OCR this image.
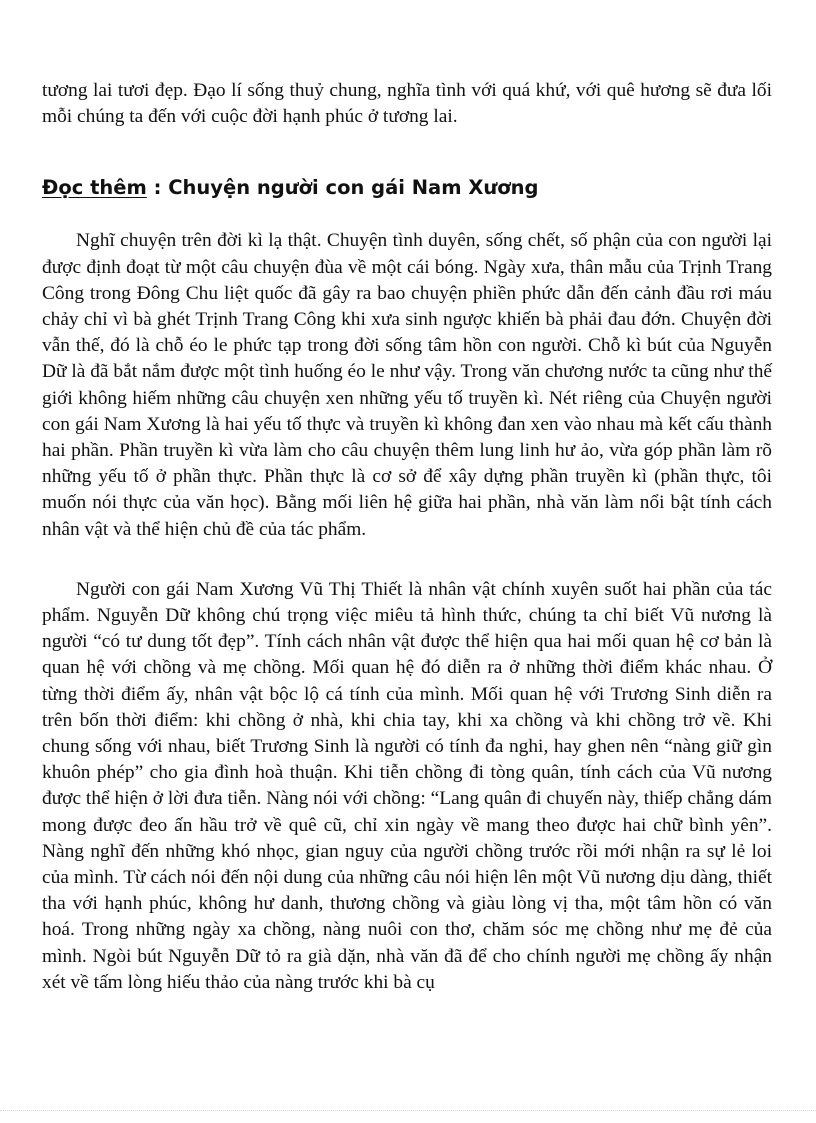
tương lai tươi đẹp. Đạo lí sống thuỷ chung, nghĩa tình với quá khứ, với quê hương sẽ đưa lối mỗi chúng ta đến với cuộc đời hạnh phúc ở tương lai.

Đọc thêm : Chuyện người con gái Nam Xương

Nghĩ chuyện trên đời kì lạ thật. Chuyện tình duyên, sống chết, số phận của con người lại được định đoạt từ một câu chuyện đùa về một cái bóng. Ngày xưa, thân mẫu của Trịnh Trang Công trong Đông Chu liệt quốc đã gây ra bao chuyện phiền phức dẫn đến cảnh đầu rơi máu chảy chỉ vì bà ghét Trịnh Trang Công khi xưa sinh ngược khiến bà phải đau đớn. Chuyện đời vẫn thế, đó là chỗ éo le phức tạp trong đời sống tâm hồn con người. Chỗ kì bút của Nguyễn Dữ là đã bắt nắm được một tình huống éo le như vậy. Trong văn chương nước ta cũng như thế giới không hiếm những câu chuyện xen những yếu tố truyền kì. Nét riêng của Chuyện người con gái Nam Xương là hai yếu tố thực và truyền kì không đan xen vào nhau mà kết cấu thành hai phần. Phần truyền kì vừa làm cho câu chuyện thêm lung linh hư ảo, vừa góp phần làm rõ những yếu tố ở phần thực. Phần thực là cơ sở để xây dựng phần truyền kì (phần thực, tôi muốn nói thực của văn học). Bằng mối liên hệ giữa hai phần, nhà văn làm nổi bật tính cách nhân vật và thể hiện chủ đề của tác phẩm.

Người con gái Nam Xương Vũ Thị Thiết là nhân vật chính xuyên suốt hai phần của tác phẩm. Nguyễn Dữ không chú trọng việc miêu tả hình thức, chúng ta chỉ biết Vũ nương là người “có tư dung tốt đẹp”. Tính cách nhân vật được thể hiện qua hai mối quan hệ cơ bản là quan hệ với chồng và mẹ chồng. Mối quan hệ đó diễn ra ở những thời điểm khác nhau. Ở từng thời điểm ấy, nhân vật bộc lộ cá tính của mình. Mối quan hệ với Trương Sinh diễn ra trên bốn thời điểm: khi chồng ở nhà, khi chia tay, khi xa chồng và khi chồng trở về. Khi chung sống với nhau, biết Trương Sinh là người có tính đa nghi, hay ghen nên “nàng giữ gìn khuôn phép” cho gia đình hoà thuận. Khi tiễn chồng đi tòng quân, tính cách của Vũ nương được thể hiện ở lời đưa tiễn. Nàng nói với chồng: “Lang quân đi chuyến này, thiếp chẳng dám mong được đeo ấn hầu trở về quê cũ, chỉ xin ngày về mang theo được hai chữ bình yên”. Nàng nghĩ đến những khó nhọc, gian nguy của người chồng trước rồi mới nhận ra sự lẻ loi của mình. Từ cách nói đến nội dung của những câu nói hiện lên một Vũ nương dịu dàng, thiết tha với hạnh phúc, không hư danh, thương chồng và giàu lòng vị tha, một tâm hồn có văn hoá. Trong những ngày xa chồng, nàng nuôi con thơ, chăm sóc mẹ chồng như mẹ đẻ của mình. Ngòi bút Nguyễn Dữ tỏ ra già dặn, nhà văn đã để cho chính người mẹ chồng ấy nhận xét về tấm lòng hiếu thảo của nàng trước khi bà cụ
